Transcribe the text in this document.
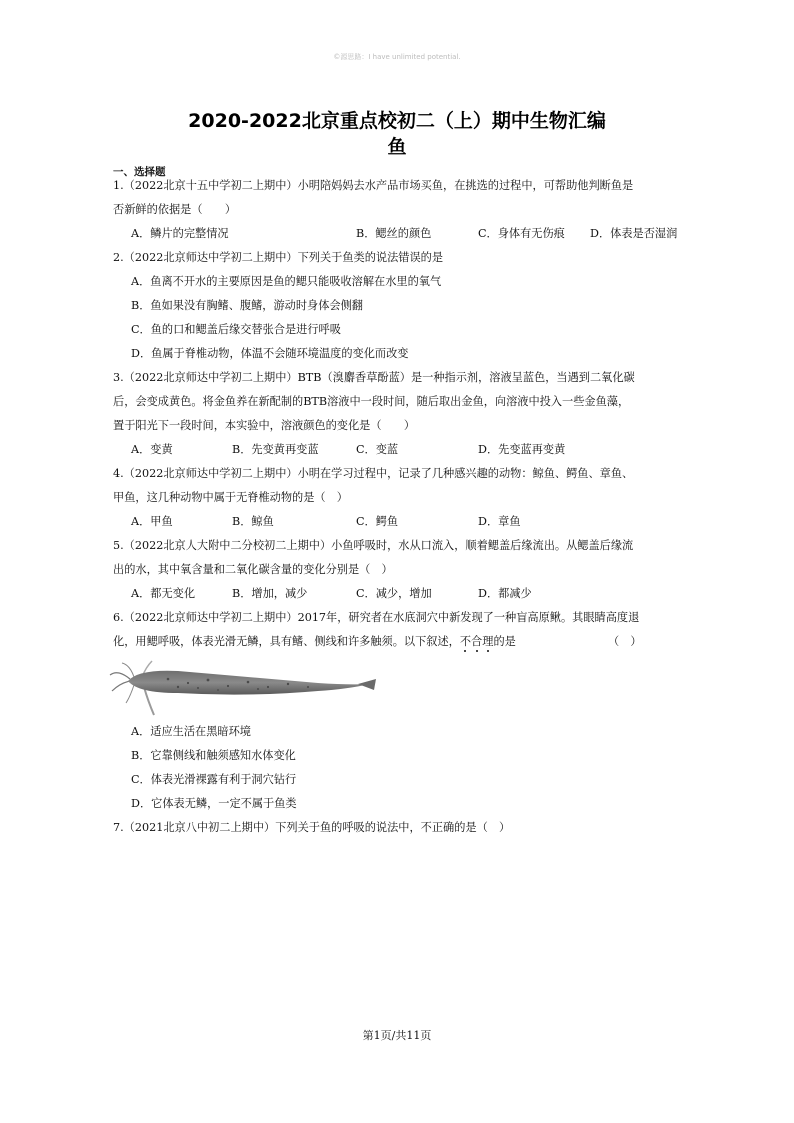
©源思路：I have unlimited potential.
2020-2022北京重点校初二（上）期中生物汇编
鱼
一、选择题
1.（2022北京十五中学初二上期中）小明陪妈妈去水产品市场买鱼，在挑选的过程中，可帮助他判断鱼是
否新鲜的依据是（　　）
A．鳞片的完整情况	B．鳃丝的颜色	C．身体有无伤痕 D．体表是否湿润
2.（2022北京师达中学初二上期中）下列关于鱼类的说法错误的是
A．鱼离不开水的主要原因是鱼的鳃只能吸收溶解在水里的氧气
B．鱼如果没有胸鳍、腹鳍，游动时身体会侧翻
C．鱼的口和鳃盖后缘交替张合是进行呼吸
D．鱼属于脊椎动物，体温不会随环境温度的变化而改变
3.（2022北京师达中学初二上期中）BTB（溴麝香草酚蓝）是一种指示剂，溶液呈蓝色，当遇到二氧化碳
后，会变成黄色。将金鱼养在新配制的BTB溶液中一段时间，随后取出金鱼，向溶液中投入一些金鱼藻，
置于阳光下一段时间，本实验中，溶液颜色的变化是（　　）
A．变黄	B．先变黄再变蓝	C．变蓝	D．先变蓝再变黄
4.（2022北京师达中学初二上期中）小明在学习过程中，记录了几种感兴趣的动物：鲸鱼、鳄鱼、章鱼、
甲鱼，这几种动物中属于无脊椎动物的是（　）
A．甲鱼	B．鲸鱼	C．鳄鱼	D．章鱼
5.（2022北京人大附中二分校初二上期中）小鱼呼吸时，水从口流入，顺着鳃盖后缘流出。从鳃盖后缘流
出的水，其中氧含量和二氧化碳含量的变化分别是（　）
A．都无变化	B．增加，减少	C．减少，增加	D．都减少
6.（2022北京师达中学初二上期中）2017年，研究者在水底洞穴中新发现了一种盲高原鳅。其眼睛高度退
化，用鳃呼吸，体表光滑无鳞，具有鳍、侧线和许多触须。以下叙述，不合理的是	（　）
A．适应生活在黑暗环境
B．它靠侧线和触须感知水体变化
C．体表光滑裸露有利于洞穴钻行
D．它体表无鳞，一定不属于鱼类
7.（2021北京八中初二上期中）下列关于鱼的呼吸的说法中，不正确的是（　）
第1页/共11页
